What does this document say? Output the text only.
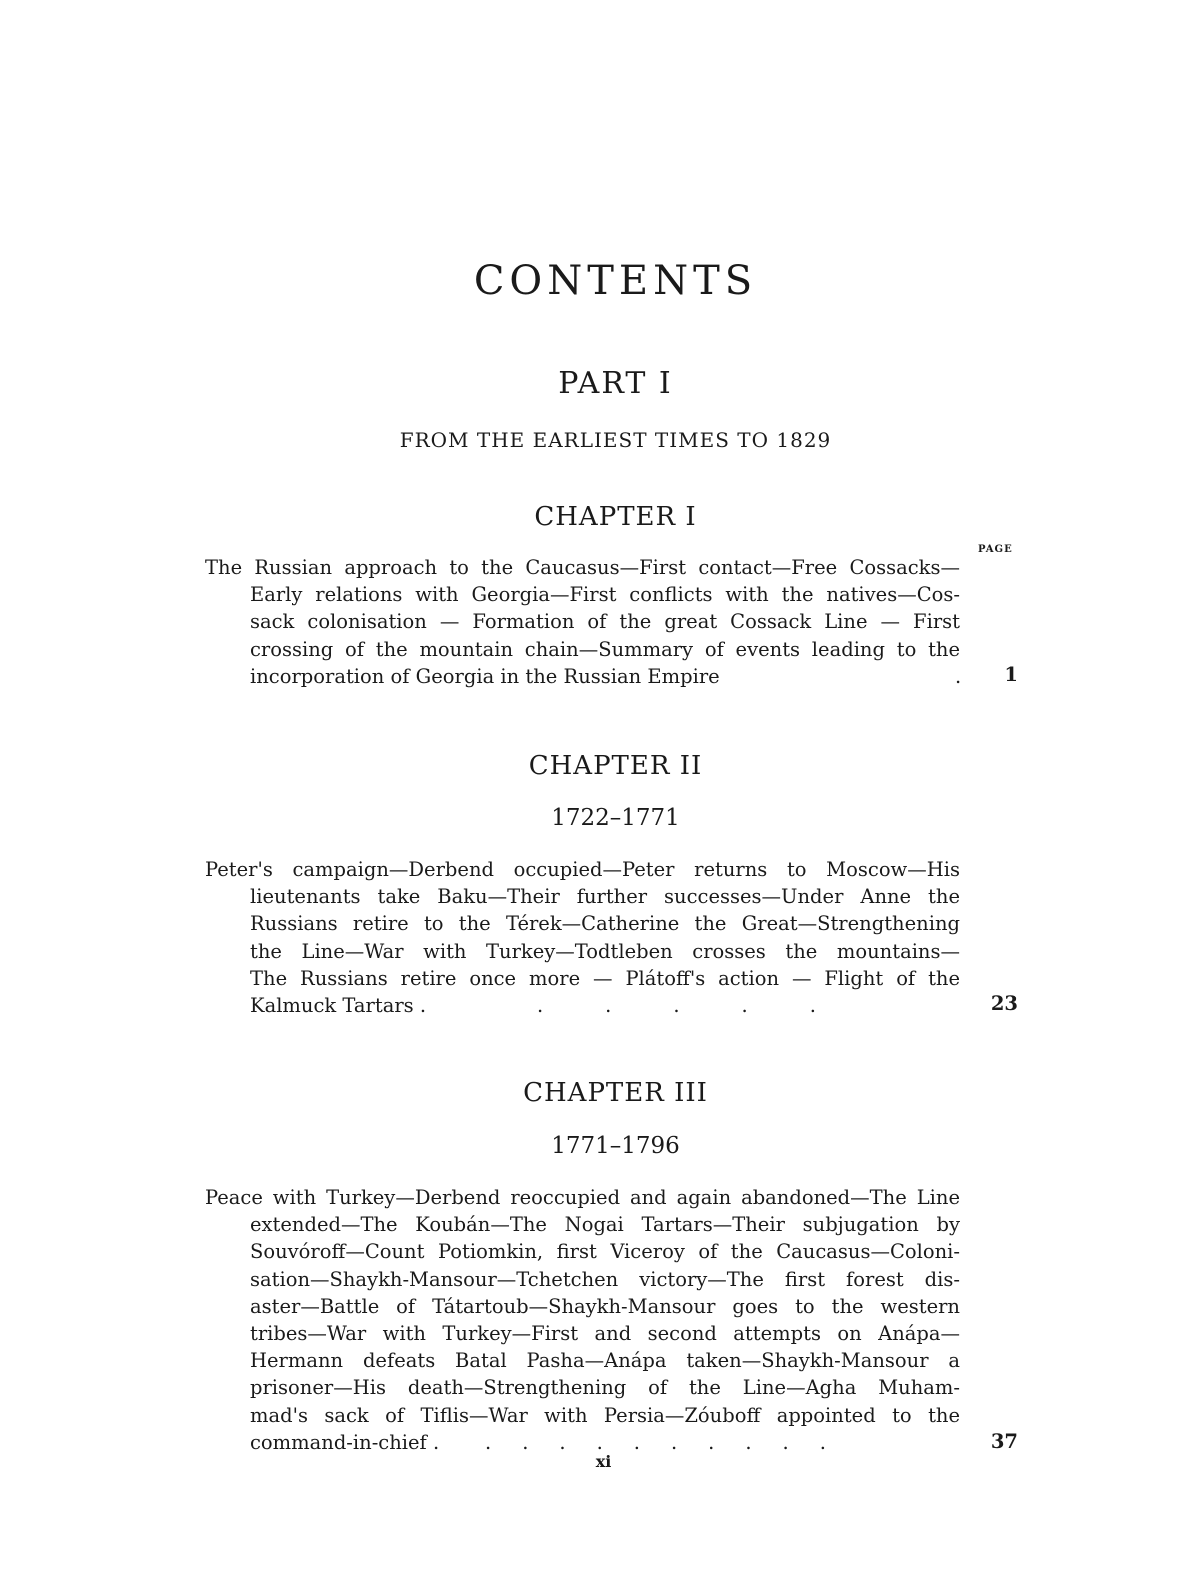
CONTENTS
PART I
FROM THE EARLIEST TIMES TO 1829
CHAPTER I
PAGE
The Russian approach to the Caucasus—First contact—Free Cossacks—
Early relations with Georgia—First conflicts with the natives—Cos-
sack colonisation — Formation of the great Cossack Line — First
crossing of the mountain chain—Summary of events leading to the
incorporation of Georgia in the Russian Empire	.	1
CHAPTER II
1722–1771
Peter's campaign—Derbend occupied—Peter returns to Moscow—His
lieutenants take Baku—Their further successes—Under Anne the
Russians retire to the Térek—Catherine the Great—Strengthening
the Line—War with Turkey—Todtleben crosses the mountains—
The Russians retire once more — Plátoff's action — Flight of the
Kalmuck Tartars .	.          .          .          .          .	23
CHAPTER III
1771–1796
Peace with Turkey—Derbend reoccupied and again abandoned—The Line
extended—The Koubán—The Nogai Tartars—Their subjugation by
Souvóroff—Count Potiomkin, first Viceroy of the Caucasus—Coloni-
sation—Shaykh-Mansour—Tchetchen victory—The first forest dis-
aster—Battle of Tátartoub—Shaykh-Mansour goes to the western
tribes—War with Turkey—First and second attempts on Anápa—
Hermann defeats Batal Pasha—Anápa taken—Shaykh-Mansour a
prisoner—His death—Strengthening of the Line—Agha Muham-
mad's sack of Tiflis—War with Persia—Zóuboff appointed to the
command-in-chief . .     .     .     .     .     .     .     .     .     .	37
xi
